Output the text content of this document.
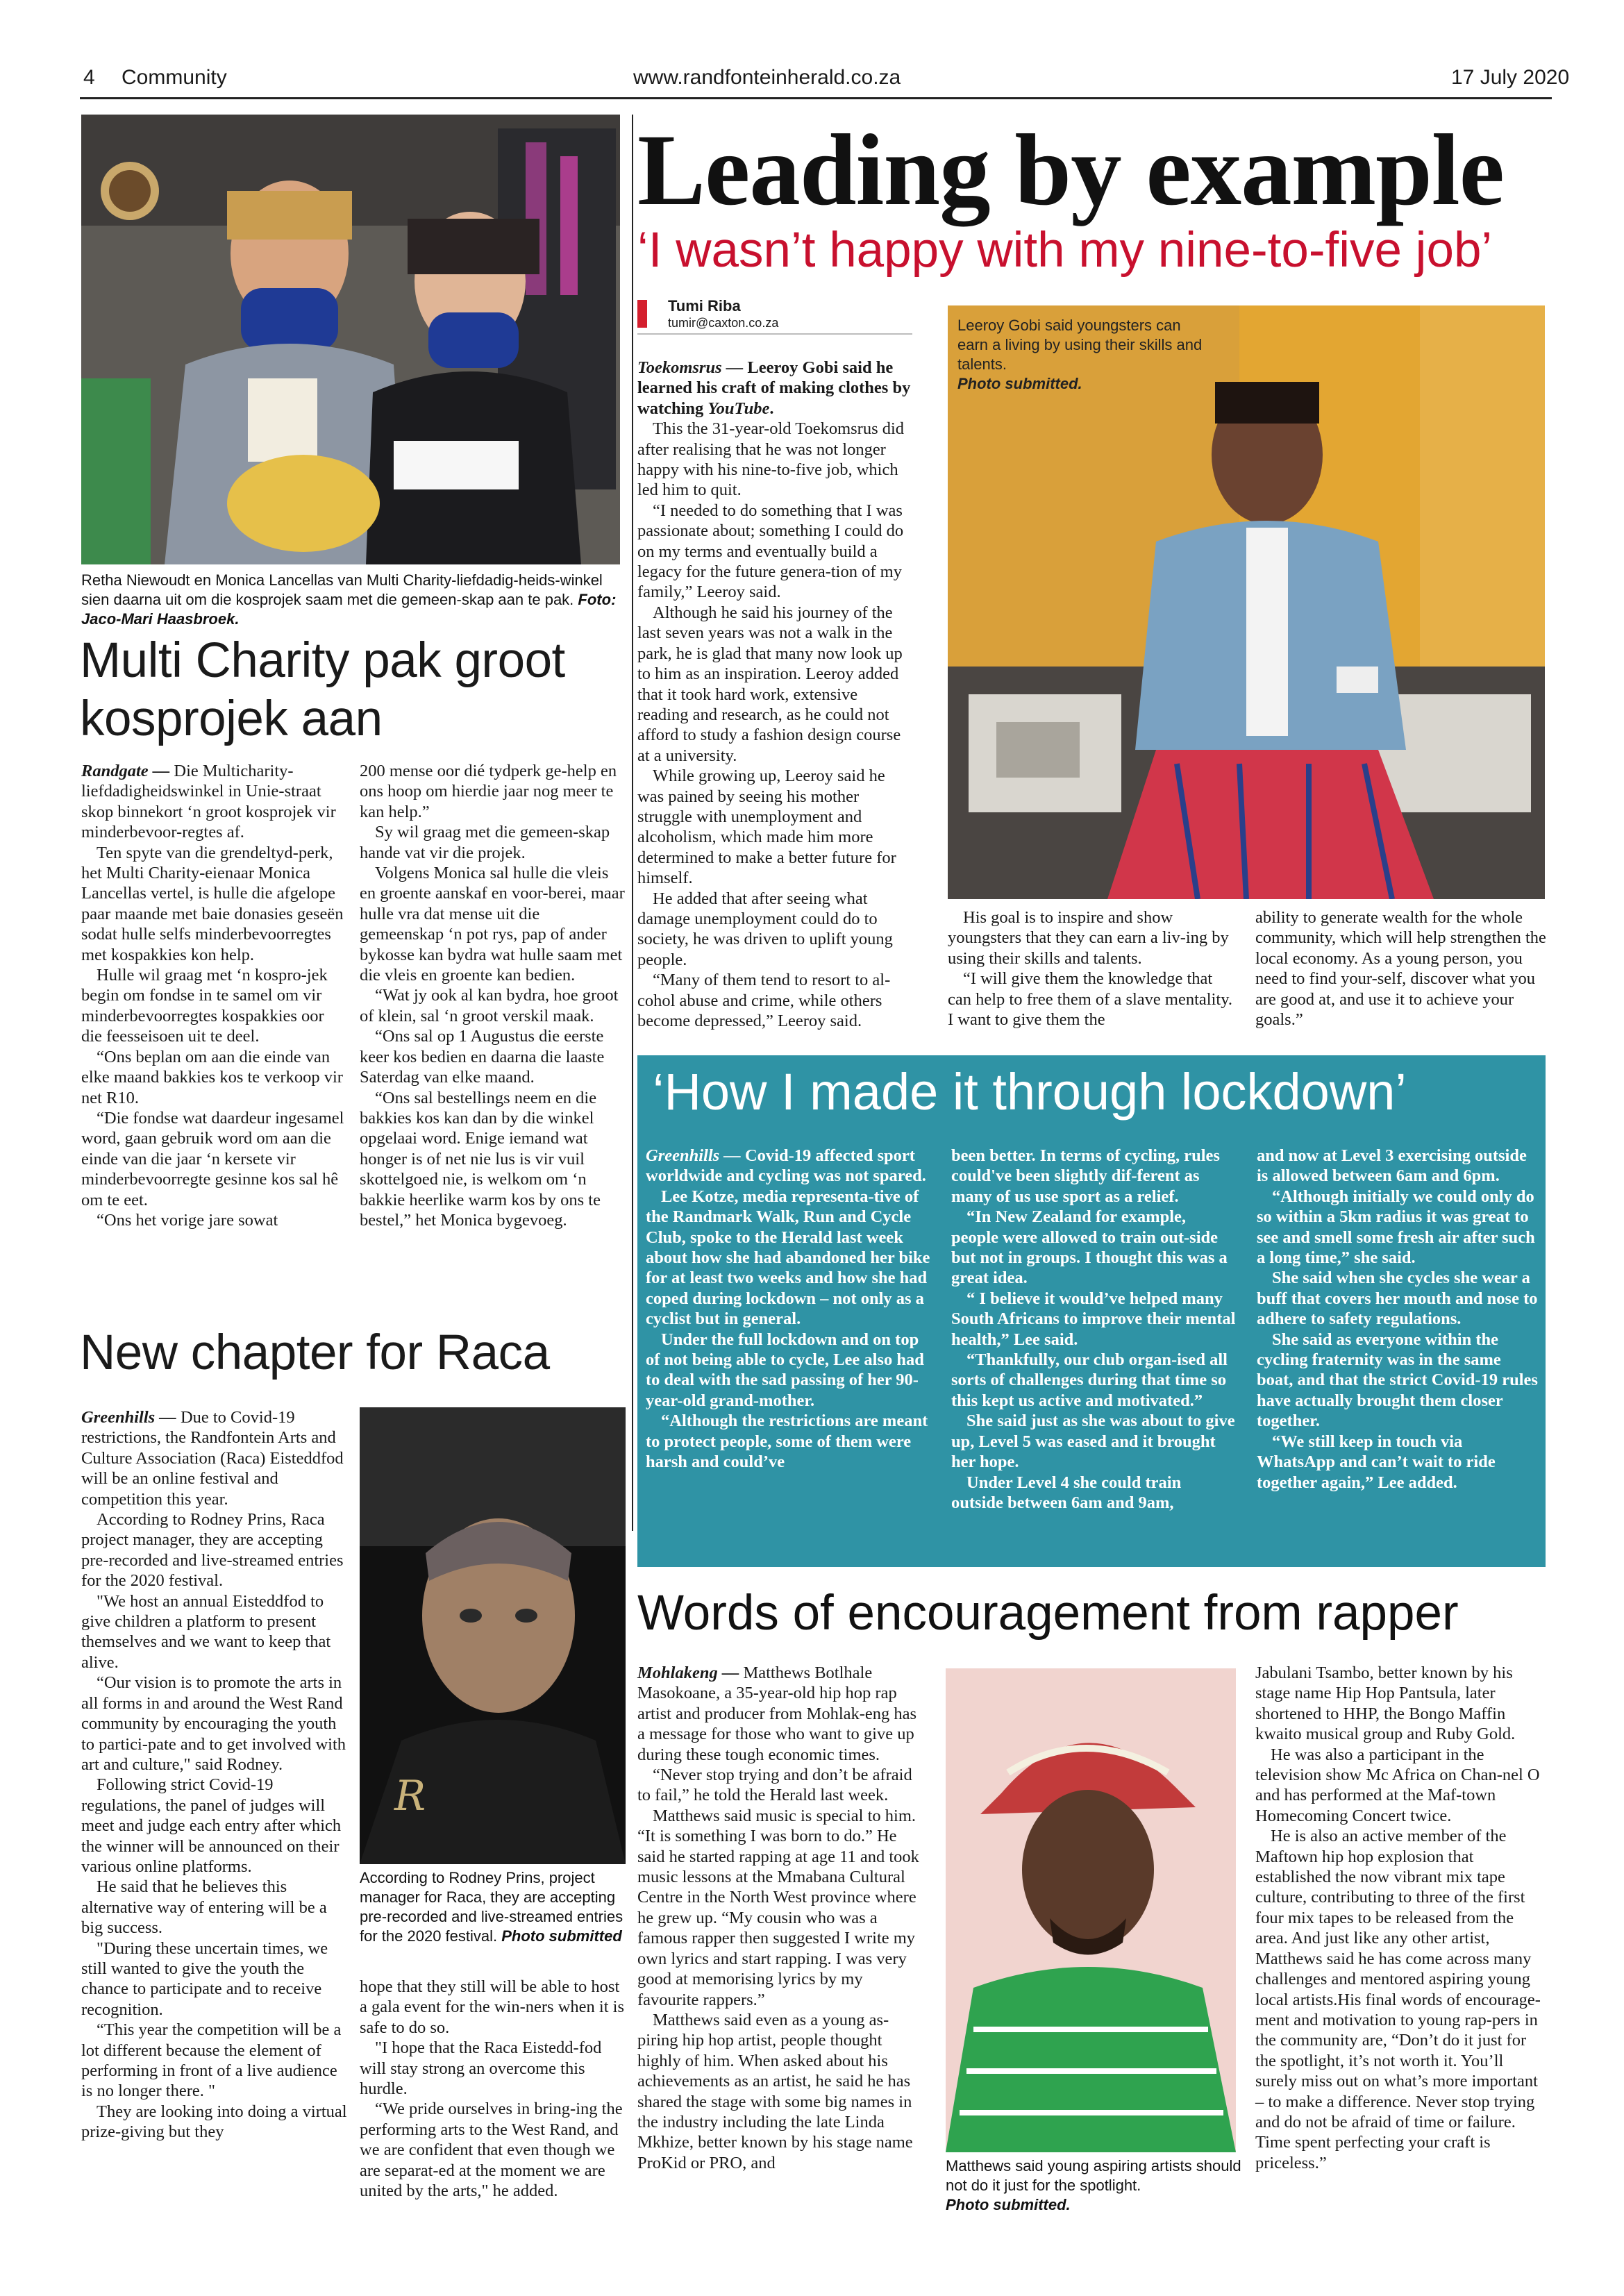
4 Community	www.randfonteinherald.co.za	17 July 2020
Retha Niewoudt en Monica Lancellas van Multi Charity-liefdadig-heids-winkel sien daarna uit om die kosprojek saam met die gemeen-skap aan te pak. Foto: Jaco-Mari Haasbroek.
Multi Charity pak groot
kosprojek aan

Randgate — Die Multicharity-liefdadigheidswinkel in Unie-straat skop binnekort ‘n groot kosprojek vir minderbevoor-regtes af.

Ten spyte van die grendeltyd-perk, het Multi Charity-eienaar Monica Lancellas vertel, is hulle die afgelope paar maande met baie donasies geseën sodat hulle selfs minderbevoorregtes met kospakkies kon help.

Hulle wil graag met ‘n kospro-jek begin om fondse in te samel om vir minderbevoorregtes kospakkies oor die feesseisoen uit te deel.

“Ons beplan om aan die einde van elke maand bakkies kos te verkoop vir net R10.

“Die fondse wat daardeur ingesamel word, gaan gebruik word om aan die einde van die jaar ‘n kersete vir minderbevoorregte gesinne kos sal hê om te eet.

“Ons het vorige jare sowat

200 mense oor dié tydperk ge-help en ons hoop om hierdie jaar nog meer te kan help.”

Sy wil graag met die gemeen-skap hande vat vir die projek.

Volgens Monica sal hulle die vleis en groente aanskaf en voor-berei, maar hulle vra dat mense uit die gemeenskap ‘n pot rys, pap of ander bykosse kan bydra wat hulle saam met die vleis en groente kan bedien.

“Wat jy ook al kan bydra, hoe groot of klein, sal ‘n groot verskil maak.

“Ons sal op 1 Augustus die eerste keer kos bedien en daarna die laaste Saterdag van elke maand.

“Ons sal bestellings neem en die bakkies kos kan dan by die winkel opgelaai word. Enige iemand wat honger is of net nie lus is vir vuil skottelgoed nie, is welkom om ‘n bakkie heerlike warm kos by ons te bestel,” het Monica bygevoeg.

New chapter for Raca

Greenhills — Due to Covid-19 restrictions, the Randfontein Arts and Culture Association (Raca) Eisteddfod will be an online festival and competition this year.

According to Rodney Prins, Raca project manager, they are accepting pre-recorded and live-streamed entries for the 2020 festival.

"We host an annual Eisteddfod to give children a platform to present themselves and we want to keep that alive.

“Our vision is to promote the arts in all forms in and around the West Rand community by encouraging the youth to partici-pate and to get involved with art and culture," said Rodney.

Following strict Covid-19 regulations, the panel of judges will meet and judge each entry after which the winner will be announced on their various online platforms.

He said that he believes this alternative way of entering will be a big success.

"During these uncertain times, we still wanted to give the youth the chance to participate and to receive recognition.

“This year the competition will be a lot different because the element of performing in front of a live audience is no longer there. "

They are looking into doing a virtual prize-giving but they

R
According to Rodney Prins, project manager for Raca, they are accepting pre-recorded and live-streamed entries for the 2020 festival. Photo submitted

hope that they still will be able to host a gala event for the win-ners when it is safe to do so.

"I hope that the Raca Eistedd-fod will stay strong an overcome this hurdle.

“We pride ourselves in bring-ing the performing arts to the West Rand, and we are confident that even though we are separat-ed at the moment we are united by the arts," he added.

Leading by example
‘I wasn’t happy with my nine-to-five job’
Tumi Riba
tumir@caxton.co.za

Toekomsrus — Leeroy Gobi said he learned his craft of making clothes by watching YouTube.

This the 31-year-old Toekomsrus did after realising that he was not longer happy with his nine-to-five job, which led him to quit.

“I needed to do something that I was passionate about; something I could do on my terms and eventually build a legacy for the future genera-tion of my family,” Leeroy said.

Although he said his journey of the last seven years was not a walk in the park, he is glad that many now look up to him as an inspiration. Leeroy added that it took hard work, extensive reading and research, as he could not afford to study a fashion design course at a university.

While growing up, Leeroy said he was pained by seeing his mother struggle with unemployment and alcoholism, which made him more determined to make a better future for himself.

He added that after seeing what damage unemployment could do to society, he was driven to uplift young people.

“Many of them tend to resort to al-cohol abuse and crime, while others become depressed,” Leeroy said.

Leeroy Gobi said youngsters can earn a living by using their skills and talents.
Photo submitted.

His goal is to inspire and show youngsters that they can earn a liv-ing by using their skills and talents.

“I will give them the knowledge that can help to free them of a slave mentality. I want to give them the

ability to generate wealth for the whole community, which will help strengthen the local economy. As a young person, you need to find your-self, discover what you are good at, and use it to achieve your goals.”

‘How I made it through lockdown’

Greenhills — Covid-19 affected sport worldwide and cycling was not spared.

Lee Kotze, media representa-tive of the Randmark Walk, Run and Cycle Club, spoke to the Herald last week about how she had abandoned her bike for at least two weeks and how she had coped during lockdown – not only as a cyclist but in general.

Under the full lockdown and on top of not being able to cycle, Lee also had to deal with the sad passing of her 90-year-old grand-mother.

“Although the restrictions are meant to protect people, some of them were harsh and could’ve

been better. In terms of cycling, rules could've been slightly dif-ferent as many of us use sport as a relief.

“In New Zealand for example, people were allowed to train out-side but not in groups. I thought this was a great idea.

“ I believe it would’ve helped many South Africans to improve their mental health,” Lee said.

“Thankfully, our club organ-ised all sorts of challenges during that time so this kept us active and motivated.”

She said just as she was about to give up, Level 5 was eased and it brought her hope.

Under Level 4 she could train outside between 6am and 9am,

and now at Level 3 exercising outside is allowed between 6am and 6pm.

“Although initially we could only do so within a 5km radius it was great to see and smell some fresh air after such a long time,” she said.

She said when she cycles she wear a buff that covers her mouth and nose to adhere to safety regulations.

She said as everyone within the cycling fraternity was in the same boat, and that the strict Covid-19 rules have actually brought them closer together.

“We still keep in touch via WhatsApp and can’t wait to ride together again,” Lee added.

Words of encouragement from rapper

Mohlakeng — Matthews Botlhale Masokoane, a 35-year-old hip hop rap artist and producer from Mohlak-eng has a message for those who want to give up during these tough economic times.

“Never stop trying and don’t be afraid to fail,” he told the Herald last week.

Matthews said music is special to him. “It is something I was born to do.” He said he started rapping at age 11 and took music lessons at the Mmabana Cultural Centre in the North West province where he grew up. “My cousin who was a famous rapper then suggested I write my own lyrics and start rapping. I was very good at memorising lyrics by my favourite rappers.”

Matthews said even as a young as-piring hip hop artist, people thought highly of him. When asked about his achievements as an artist, he said he has shared the stage with some big names in the industry including the late Linda Mkhize, better known by his stage name ProKid or PRO, and	Matthews said young aspiring artists should not do it just for the spotlight.
Photo submitted.

Jabulani Tsambo, better known by his stage name Hip Hop Pantsula, later shortened to HHP, the Bongo Maffin kwaito musical group and Ruby Gold.

He was also a participant in the television show Mc Africa on Chan-nel O and has performed at the Maf-town Homecoming Concert twice.

He is also an active member of the Maftown hip hop explosion that established the now vibrant mix tape culture, contributing to three of the first four mix tapes to be released from the area. And just like any other artist, Matthews said he has come across many challenges and mentored aspiring young local artists.His final words of encourage-ment and motivation to young rap-pers in the community are, “Don’t do it just for the spotlight, it’s not worth it. You’ll surely miss out on what’s more important – to make a difference. Never stop trying and do not be afraid of time or failure. Time spent perfecting your craft is priceless.”
